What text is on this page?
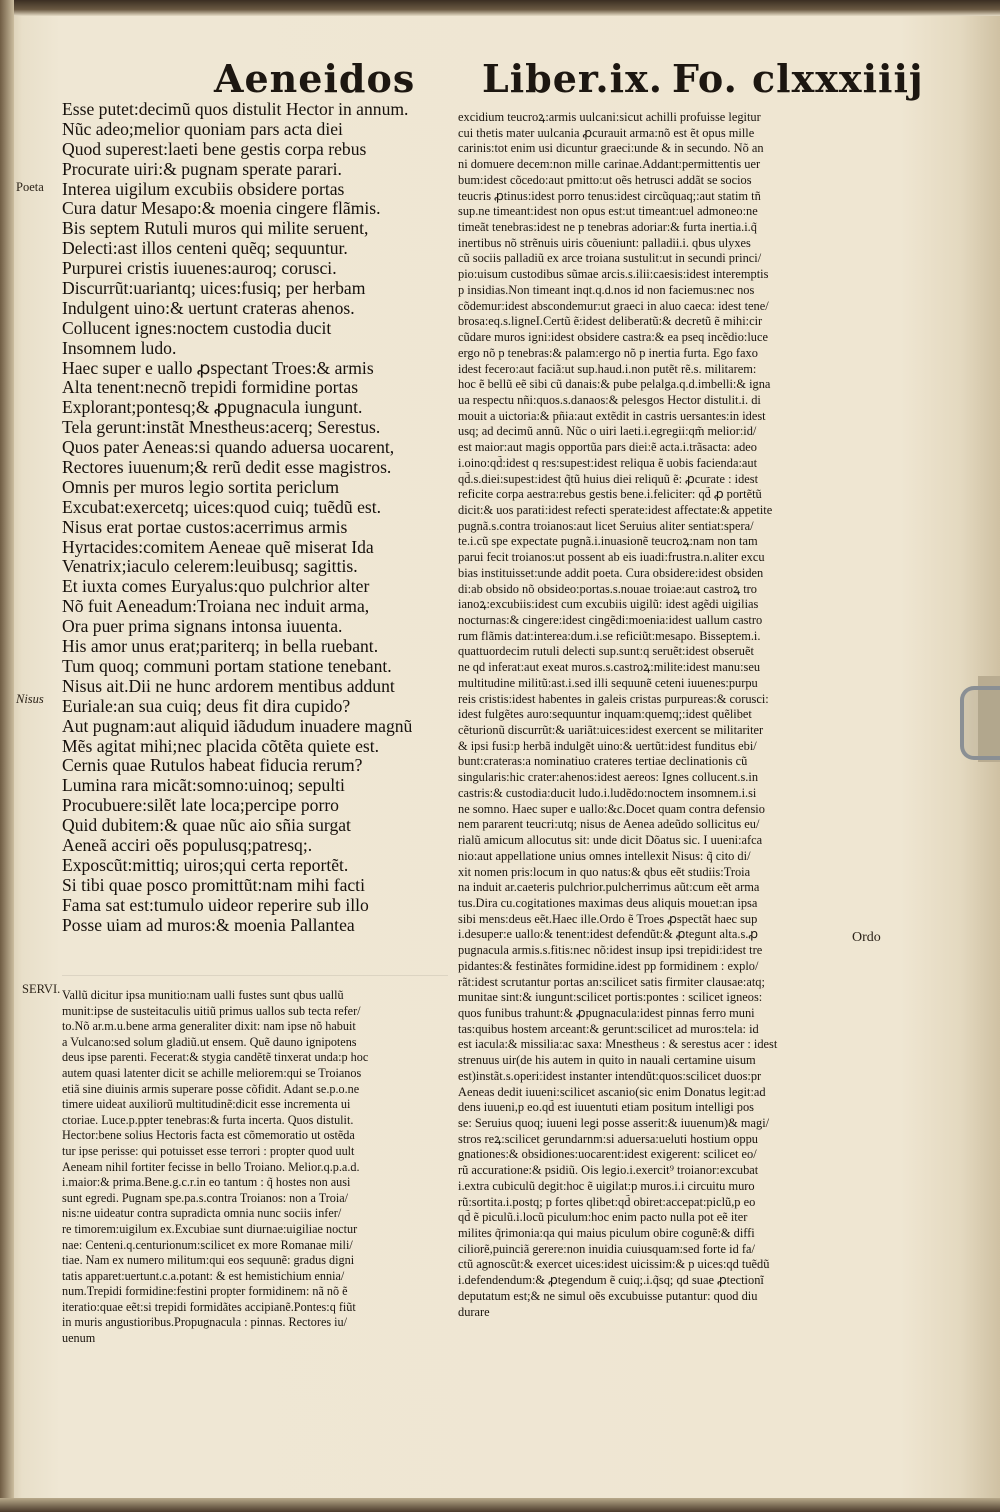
Aeneidos Liber.ix. Fo. clxxxiiij
Poeta
Nisus
Ordo
SERVI.
Esse putet:decimũ quos distulit Hector in annum.
Nũc adeo;melior quoniam pars acta diei
Quod superest:laeti bene gestis corpa rebus
Procurate uiri:& pugnam sperate parari.
Interea uigilum excubiis obsidere portas
Cura datur Mesapo:& moenia cingere flãmis.
Bis septem Rutuli muros qui milite seruent,
Delecti:ast illos centeni quẽq; sequuntur.
Purpurei cristis iuuenes:auroq; corusci.
Discurrũt:uariantq; uices:fusiq; per herbam
Indulgent uino:& uertunt crateras ahenos.
Collucent ignes:noctem custodia ducit
Insomnem ludo.
Haec super e uallo ꝓspectant Troes:& armis
Alta tenent:necnõ trepidi formidine portas
Explorant;pontesq;& ꝓpugnacula iungunt.
Tela gerunt:instãt Mnestheus:acerq; Serestus.
Quos pater Aeneas:si quando aduersa uocarent,
Rectores iuuenum;& rerũ dedit esse magistros.
Omnis per muros legio sortita periclum
Excubat:exercetq; uices:quod cuiq; tuẽdũ est.
Nisus erat portae custos:acerrimus armis
Hyrtacides:comitem Aeneae quẽ miserat Ida
Venatrix;iaculo celerem:leuibusq; sagittis.
Et iuxta comes Euryalus:quo pulchrior alter
Nõ fuit Aeneadum:Troiana nec induit arma,
Ora puer prima signans intonsa iuuenta.
His amor unus erat;pariterq; in bella ruebant.
Tum quoq; communi portam statione tenebant.
Nisus ait.Dii ne hunc ardorem mentibus addunt
Euriale:an sua cuiq; deus fit dira cupido?
Aut pugnam:aut aliquid iãdudum inuadere magnũ
Mẽs agitat mihi;nec placida cõtẽta quiete est.
Cernis quae Rutulos habeat fiducia rerum?
Lumina rara micãt:somno:uinoq; sepulti
Procubuere:silẽt late loca;percipe porro
Quid dubitem:& quae nũc aio sñia surgat
Aeneã acciri oẽs populusq;patresq;.
Exposcũt:mittiq; uiros;qui certa reportẽt.
Si tibi quae posco promittũt:nam mihi facti
Fama sat est:tumulo uideor reperire sub illo
Posse uiam ad muros:& moenia Pallantea
Vallũ dicitur ipsa munitio:nam ualli fustes sunt qbus uallũ
munit:ipse de susteitaculis uitiũ primus uallos sub tecta refer/
to.Nõ ar.m.u.bene arma generaliter dixit: nam ipse nõ habuit
a Vulcano:sed solum gladiũ.ut ensem. Quẽ dauno ignipotens
deus ipse parenti. Fecerat:& stygia candẽtẽ tinxerat unda:p hoc
autem quasi latenter dicit se achille meliorem:qui se Troianos
etiã sine diuinis armis superare posse cõfidit. Adant se.p.o.ne
timere uideat auxiliorũ multitudinẽ:dicit esse incrementa ui
ctoriae. Luce.p.ppter tenebras:& furta incerta. Quos distulit.
Hector:bene solius Hectoris facta est cõmemoratio ut ostẽda
tur ipse perisse: qui potuisset esse terrori : propter quod uult
Aeneam nihil fortiter fecisse in bello Troiano. Melior.q.p.a.d.
i.maior:& prima.Bene.g.c.r.in eo tantum : q̃ hostes non ausi
sunt egredi. Pugnam spe.pa.s.contra Troianos: non a Troia/
nis:ne uideatur contra supradicta omnia nunc sociis infer/
re timorem:uigilum ex.Excubiae sunt diurnae:uigiliae noctur
nae: Centeni.q.centurionum:scilicet ex more Romanae mili/
tiae. Nam ex numero militum:qui eos sequunẽ: gradus digni
tatis apparet:uertunt.c.a.potant: & est hemistichium ennia/
num.Trepidi formidine:festini propter formidinem: nã nõ ẽ
iteratio:quae eẽt:si trepidi formidãtes accipianẽ.Pontes:q fiũt
in muris angustioribus.Propugnacula : pinnas. Rectores iu/
uenum
excidium teucroꝝ:armis uulcani:sicut achilli profuisse legitur
cui thetis mater uulcania ꝓcurauit arma:nõ est ẽt opus mille
carinis:tot enim usi dicuntur graeci:unde & in secundo. Nõ an
ni domuere decem:non mille carinae.Addant:permittentis uer
bum:idest cõcedo:aut pmitto:ut oẽs hetrusci addãt se socios
teucris ꝓtinus:idest porro tenus:idest circũquaq;:aut statim tñ
sup.ne timeant:idest non opus est:ut timeant:uel admoneo:ne
timeãt tenebras:idest ne p tenebras adoriar:& furta inertia.i.q̃
inertibus nõ strẽnuis uiris cõueniunt: palladii.i. qbus ulyxes
cũ sociis palladiũ ex arce troiana sustulit:ut in secundi princi/
pio:uisum custodibus sũmae arcis.s.ilii:caesis:idest interemptis
p insidias.Non timeant inqt.q.d.nos id non faciemus:nec nos
cõdemur:idest abscondemur:ut graeci in aluo caeca: idest tene/
brosa:eq.s.ligneI.Certũ ẽ:idest deliberatũ:& decretũ ẽ mihi:cir
cũdare muros igni:idest obsidere castra:& ea pseq incẽdio:luce
ergo nõ p tenebras:& palam:ergo nõ p inertia furta. Ego faxo
idest fecero:aut faciã:ut sup.haud.i.non putẽt rẽ.s. militarem:
hoc ẽ bellũ eẽ sibi cũ danais:& pube pelalga.q.d.imbelli:& igna
ua respectu nñi:quos.s.danaos:& pelesgos Hector distulit.i. di
mouit a uictoria:& pñia:aut extẽdit in castris uersantes:in idest
usq; ad decimũ annũ. Nũc o uiri laeti.i.egregii:qm̃ melior:id/
est maior:aut magis opportũa pars diei:ẽ acta.i.trãsacta: adeo
i.oino:qd̃:idest q res:supest:idest reliqua ẽ uobis facienda:aut
qd̃.s.diei:supest:idest q̃tũ huius diei reliquũ ẽ: ꝓcurate : idest
reficite corpa aestra:rebus gestis bene.i.feliciter: qd̃ ꝓ portẽtũ
dicit:& uos parati:idest refecti sperate:idest affectate:& appetite
pugnã.s.contra troianos:aut licet Seruius aliter sentiat:spera/
te.i.cũ spe expectate pugnã.i.inuasionẽ teucroꝝ:nam non tam
parui fecit troianos:ut possent ab eis iuadi:frustra.n.aliter excu
bias instituisset:unde addit poeta. Cura obsidere:idest obsiden
di:ab obsido nõ obsideo:portas.s.nouae troiae:aut castroꝝ tro
ianoꝝ:excubiis:idest cum excubiis uigilũ: idest agẽdi uigilias
nocturnas:& cingere:idest cingẽdi:moenia:idest uallum castro
rum flãmis dat:interea:dum.i.se reficiũt:mesapo. Bisseptem.i.
quattuordecim rutuli delecti sup.sunt:q seruẽt:idest obseruẽt
ne qd inferat:aut exeat muros.s.castroꝝ:milite:idest manu:seu
multitudine militũ:ast.i.sed illi sequunẽ ceteni iuuenes:purpu
reis cristis:idest habentes in galeis cristas purpureas:& corusci:
idest fulgẽtes auro:sequuntur inquam:quemq;:idest quẽlibet
cẽturionũ discurrũt:& uariãt:uices:idest exercent se militariter
& ipsi fusi:p herbã indulgẽt uino:& uertũt:idest funditus ebi/
bunt:crateras:a nominatiuo crateres tertiae declinationis cũ
singularis:hic crater:ahenos:idest aereos: Ignes collucent.s.in
castris:& custodia:ducit ludo.i.ludẽdo:noctem insomnem.i.si
ne somno. Haec super e uallo:&c.Docet quam contra defensio
nem pararent teucri:utq; nisus de Aenea adeũdo sollicitus eu/
rialũ amicum allocutus sit: unde dicit Dõatus sic. I uueni:afca
nio:aut appellatione unius omnes intellexit Nisus: q̃ cito di/
xit nomen pris:locum in quo natus:& qbus eẽt studiis:Troia
na induit ar.caeteris pulchrior.pulcherrimus aũt:cum eẽt arma
tus.Dira cu.cogitationes maximas deus aliquis mouet:an ipsa
sibi mens:deus eẽt.Haec ille.Ordo ẽ Troes ꝓspectãt haec sup
i.desuper:e uallo:& tenent:idest defendũt:& ꝓtegunt alta.s.ꝓ
pugnacula armis.s.fitis:nec nõ:idest insup ipsi trepidi:idest tre
pidantes:& festinãtes formidine.idest pp formidinem : explo/
rãt:idest scrutantur portas an:scilicet satis firmiter clausae:atq;
munitae sint:& iungunt:scilicet portis:pontes : scilicet igneos:
quos funibus trahunt:& ꝓpugnacula:idest pinnas ferro muni
tas:quibus hostem arceant:& gerunt:scilicet ad muros:tela: id
est iacula:& missilia:ac saxa: Mnestheus : & serestus acer : idest
strenuus uir(de his autem in quito in nauali certamine uisum
est)instãt.s.operi:idest instanter intendũt:quos:scilicet duos:pr
Aeneas dedit iuueni:scilicet ascanio(sic enim Donatus legit:ad
dens iuueni,p eo.qd̃ est iuuentuti etiam positum intelligi pos
se: Seruius quoq; iuueni legi posse asserit:& iuuenum)& magi/
stros reꝝ:scilicet gerundarnm:si aduersa:ueluti hostium oppu
gnationes:& obsidiones:uocarent:idest exigerent: scilicet eo/
rũ accuratione:& psidiũ. Ois legio.i.exercit⁹ troianor:excubat
i.extra cubiculũ degit:hoc ẽ uigilat:p muros.i.i circuitu muro
rũ:sortita.i.postq; p fortes qlibet:qd̃ obiret:accepat:piclũ,p eo
qd̃ ẽ piculũ.i.locũ piculum:hoc enim pacto nulla pot eẽ iter
milites q̃rimonia:qa qui maius piculum obire cogunẽ:& diffi
ciliorẽ,puinciã gerere:non inuidia cuiusquam:sed forte id fa/
ctũ agnoscũt:& exercet uices:idest uicissim:& p uices:qd tuẽdũ
i.defendendum:& ꝓtegendum ẽ cuiq;.i.q̃sq; qd suae ꝓtectionĩ
deputatum est;& ne simul oẽs excubuisse putantur: quod diu
durare
